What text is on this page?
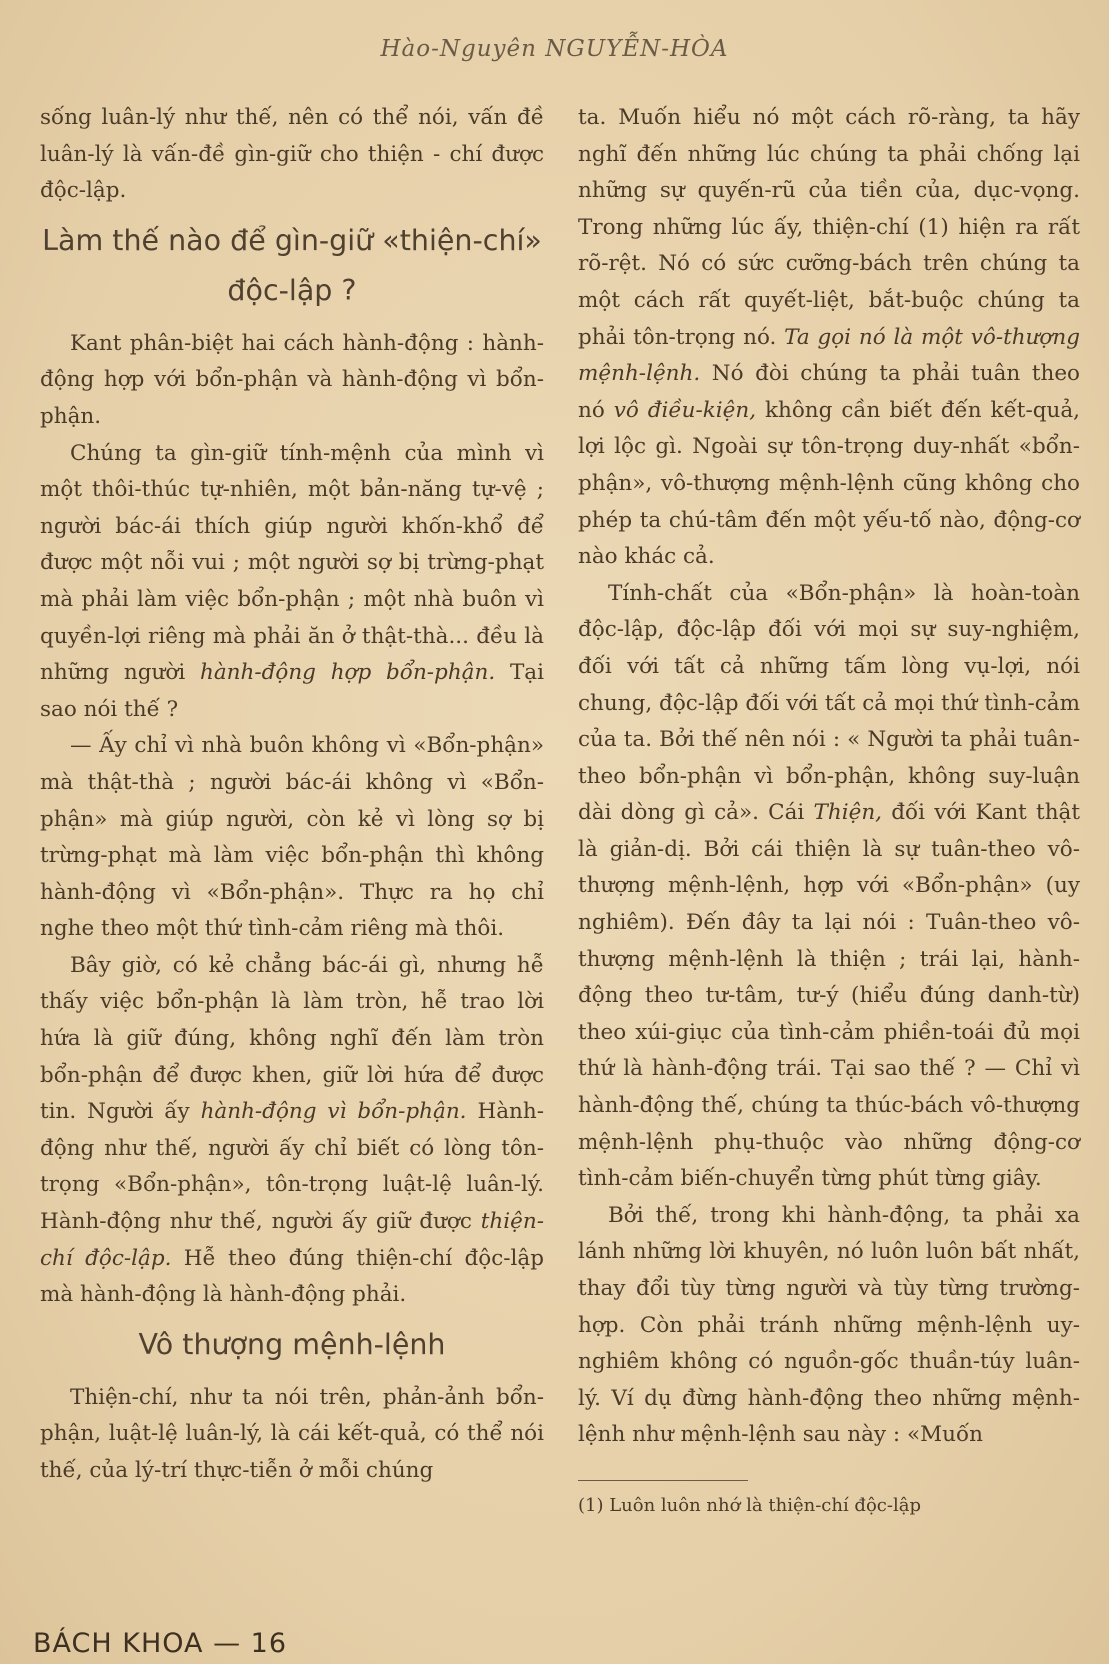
Hào-Nguyên NGUYỄN-HÒA

sống luân-lý như thế, nên có thể nói, vấn đề luân-lý là vấn-đề gìn-giữ cho thiện - chí được độc-lập.

Làm thế nào để gìn-giữ «thiện-chí» độc-lập ?

Kant phân-biệt hai cách hành-động : hành-động hợp với bổn-phận và hành-động vì bổn-phận.

Chúng ta gìn-giữ tính-mệnh của mình vì một thôi-thúc tự-nhiên, một bản-năng tự-vệ ; người bác-ái thích giúp người khốn-khổ để được một nỗi vui ; một người sợ bị trừng-phạt mà phải làm việc bổn-phận ; một nhà buôn vì quyền-lợi riêng mà phải ăn ở thật-thà... đều là những người hành-động hợp bổn-phận. Tại sao nói thế ?

— Ấy chỉ vì nhà buôn không vì «Bổn-phận» mà thật-thà ; người bác-ái không vì «Bổn-phận» mà giúp người, còn kẻ vì lòng sợ bị trừng-phạt mà làm việc bổn-phận thì không hành-động vì «Bổn-phận». Thực ra họ chỉ nghe theo một thứ tình-cảm riêng mà thôi.

Bây giờ, có kẻ chẳng bác-ái gì, nhưng hễ thấy việc bổn-phận là làm tròn, hễ trao lời hứa là giữ đúng, không nghĩ đến làm tròn bổn-phận để được khen, giữ lời hứa để được tin. Người ấy hành-động vì bổn-phận. Hành-động như thế, người ấy chỉ biết có lòng tôn-trọng «Bổn-phận», tôn-trọng luật-lệ luân-lý. Hành-động như thế, người ấy giữ được thiện-chí độc-lập. Hễ theo đúng thiện-chí độc-lập mà hành-động là hành-động phải.

Vô thượng mệnh-lệnh

Thiện-chí, như ta nói trên, phản-ảnh bổn-phận, luật-lệ luân-lý, là cái kết-quả, có thể nói thế, của lý-trí thực-tiễn ở mỗi chúng

ta. Muốn hiểu nó một cách rõ-ràng, ta hãy nghĩ đến những lúc chúng ta phải chống lại những sự quyến-rũ của tiền của, dục-vọng. Trong những lúc ấy, thiện-chí (1) hiện ra rất rõ-rệt. Nó có sức cưỡng-bách trên chúng ta một cách rất quyết-liệt, bắt-buộc chúng ta phải tôn-trọng nó. Ta gọi nó là một vô-thượng mệnh-lệnh. Nó đòi chúng ta phải tuân theo nó vô điều-kiện, không cần biết đến kết-quả, lợi lộc gì. Ngoài sự tôn-trọng duy-nhất «bổn-phận», vô-thượng mệnh-lệnh cũng không cho phép ta chú-tâm đến một yếu-tố nào, động-cơ nào khác cả.

Tính-chất của «Bổn-phận» là hoàn-toàn độc-lập, độc-lập đối với mọi sự suy-nghiệm, đối với tất cả những tấm lòng vụ-lợi, nói chung, độc-lập đối với tất cả mọi thứ tình-cảm của ta. Bởi thế nên nói : « Người ta phải tuân-theo bổn-phận vì bổn-phận, không suy-luận dài dòng gì cả». Cái Thiện, đối với Kant thật là giản-dị. Bởi cái thiện là sự tuân-theo vô-thượng mệnh-lệnh, hợp với «Bổn-phận» (uy nghiêm). Đến đây ta lại nói : Tuân-theo vô-thượng mệnh-lệnh là thiện ; trái lại, hành-động theo tư-tâm, tư-ý (hiểu đúng danh-từ) theo xúi-giục của tình-cảm phiền-toái đủ mọi thứ là hành-động trái. Tại sao thế ? — Chỉ vì hành-động thế, chúng ta thúc-bách vô-thượng mệnh-lệnh phụ-thuộc vào những động-cơ tình-cảm biến-chuyển từng phút từng giây.

Bởi thế, trong khi hành-động, ta phải xa lánh những lời khuyên, nó luôn luôn bất nhất, thay đổi tùy từng người và tùy từng trường-hợp. Còn phải tránh những mệnh-lệnh uy-nghiêm không có nguồn-gốc thuần-túy luân-lý. Ví dụ đừng hành-động theo những mệnh-lệnh như mệnh-lệnh sau này : «Muốn

(1) Luôn luôn nhớ là thiện-chí độc-lập

BÁCH KHOA — 16
